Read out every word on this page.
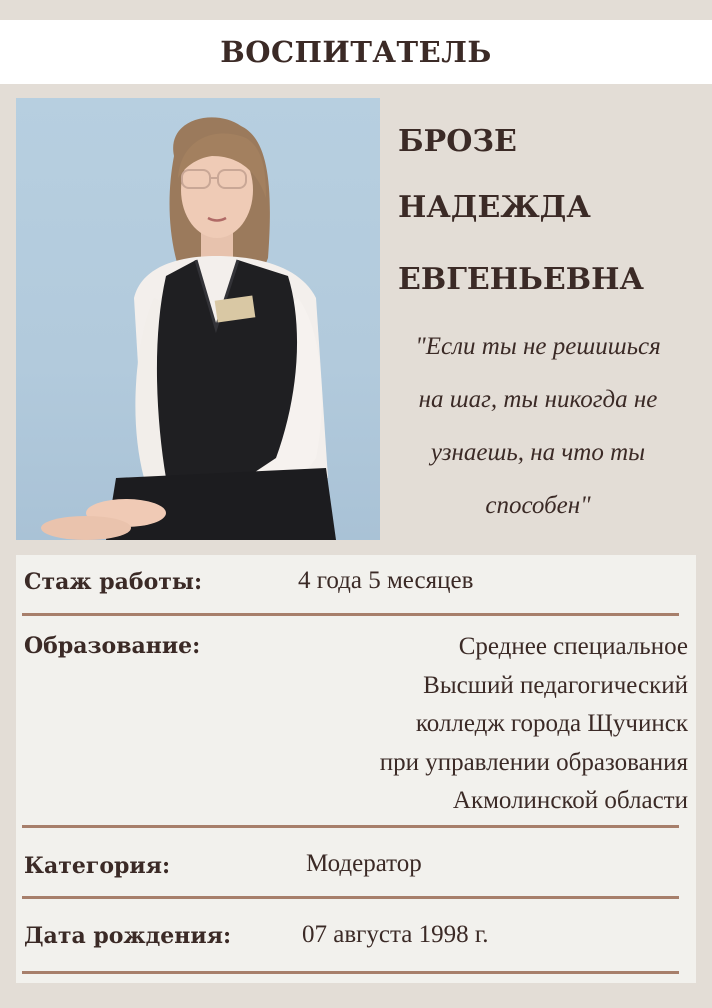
ВОСПИТАТЕЛЬ
БРОЗЕ
НАДЕЖДА
ЕВГЕНЬЕВНА
"Если ты не решишься
на шаг, ты никогда не
узнаешь, на что ты
способен"
Стаж работы:	4 года 5 месяцев
Образование:	Среднее специальное
Высший педагогический
колледж города Щучинск
при управлении образования
Акмолинской области
Категория:	Модератор
Дата рождения:	07 августа 1998 г.
